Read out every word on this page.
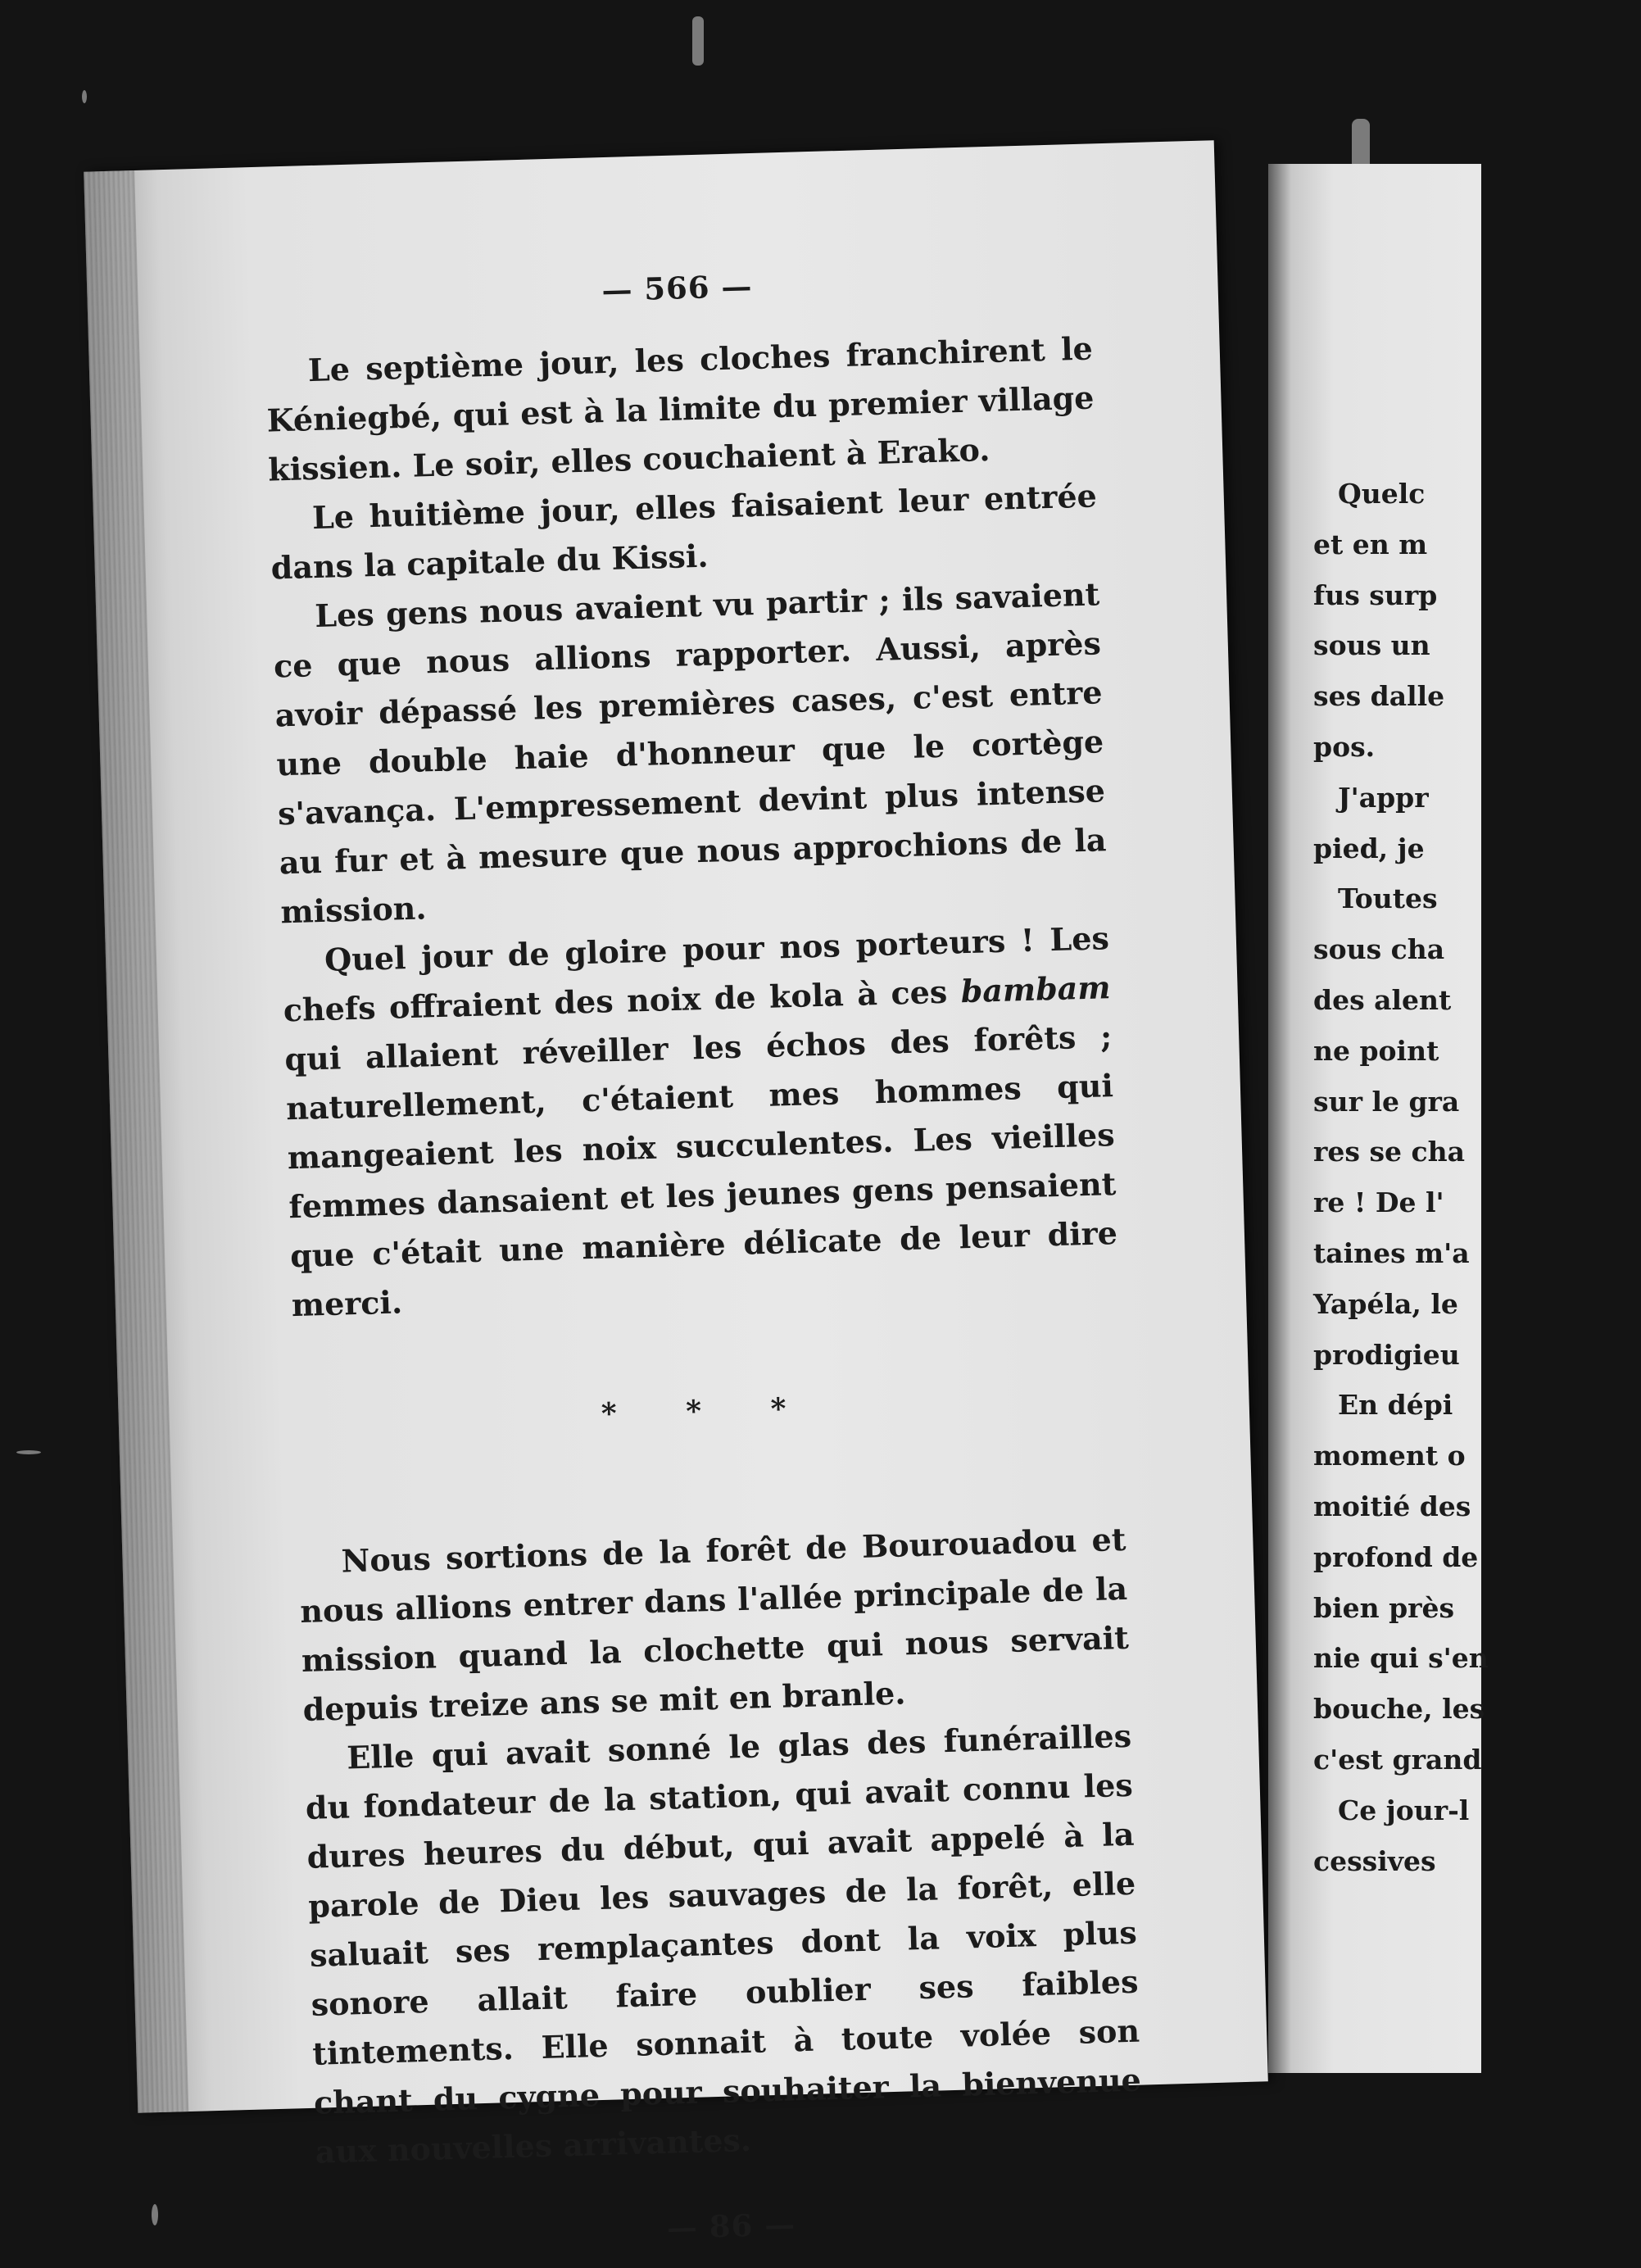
— 566 —

Le septième jour, les cloches franchirent le Kéniegbé, qui est à la limite du premier village kissien. Le soir, elles couchaient à Erako.

Le huitième jour, elles faisaient leur entrée dans la capitale du Kissi.

Les gens nous avaient vu partir ; ils savaient ce que nous allions rapporter. Aussi, après avoir dépassé les premières cases, c'est entre une double haie d'honneur que le cortège s'avança. L'empressement devint plus intense au fur et à mesure que nous approchions de la mission.

Quel jour de gloire pour nos porteurs ! Les chefs offraient des noix de kola à ces bambam qui allaient réveiller les échos des forêts ; naturellement, c'étaient mes hommes qui mangeaient les noix succulentes. Les vieilles femmes dansaient et les jeunes gens pensaient que c'était une manière délicate de leur dire merci.

* * *

Nous sortions de la forêt de Bourouadou et nous allions entrer dans l'allée principale de la mission quand la clochette qui nous servait depuis treize ans se mit en branle.

Elle qui avait sonné le glas des funérailles du fondateur de la station, qui avait connu les dures heures du début, qui avait appelé à la parole de Dieu les sauvages de la forêt, elle saluait ses remplaçantes dont la voix plus sonore allait faire oublier ses faibles tintements. Elle sonnait à toute volée son chant du cygne pour souhaiter la bienvenue aux nouvelles arrivantes.

— 86 —
Quelc
et en m
fus surp
sous un
ses dalle
pos.
J'appr
pied, je
Toutes
sous cha
des alent
ne point
sur le gra
res se cha
re ! De l'
taines m'a
Yapéla, le
prodigieu
En dépi
moment o
moitié des
profond de
bien près
nie qui s'en
bouche, les
c'est grand
Ce jour-l
cessives
